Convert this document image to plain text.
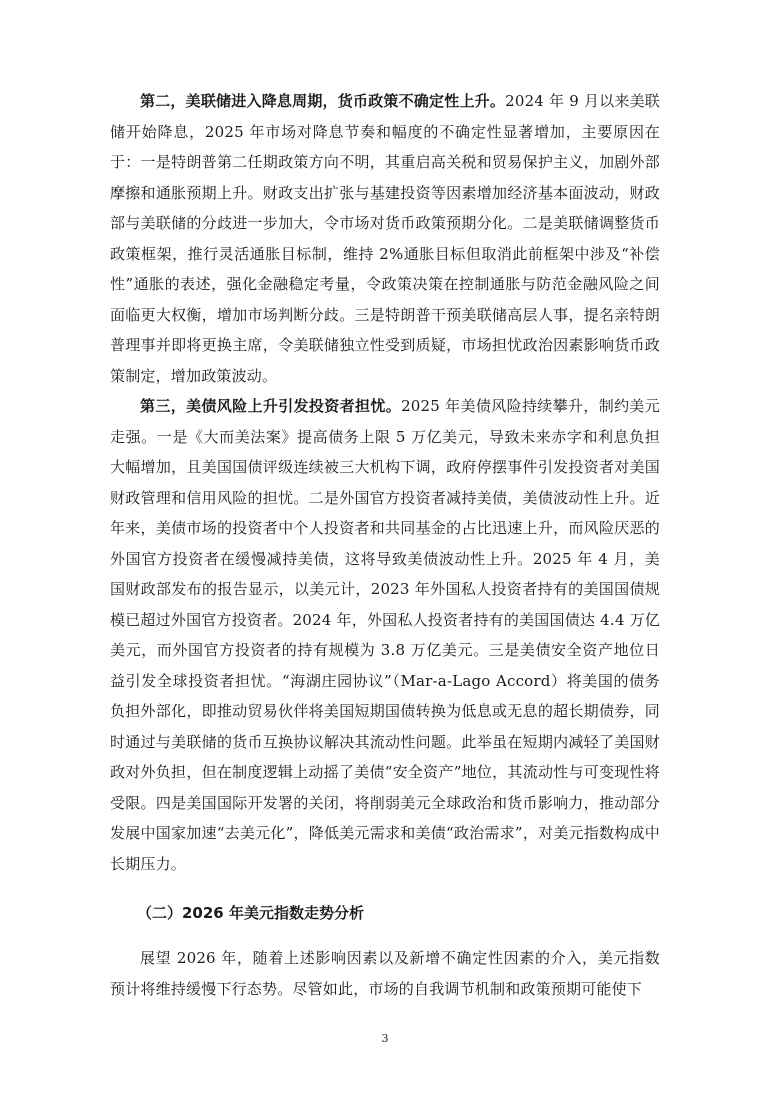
第二，美联储进入降息周期，货币政策不确定性上升。2024 年 9 月以来美联储开始降息，2025 年市场对降息节奏和幅度的不确定性显著增加，主要原因在于：一是特朗普第二任期政策方向不明，其重启高关税和贸易保护主义，加剧外部摩擦和通胀预期上升。财政支出扩张与基建投资等因素增加经济基本面波动，财政部与美联储的分歧进一步加大，令市场对货币政策预期分化。二是美联储调整货币政策框架，推行灵活通胀目标制，维持 2%通胀目标但取消此前框架中涉及“补偿性”通胀的表述，强化金融稳定考量，令政策决策在控制通胀与防范金融风险之间面临更大权衡，增加市场判断分歧。三是特朗普干预美联储高层人事，提名亲特朗普理事并即将更换主席，令美联储独立性受到质疑，市场担忧政治因素影响货币政策制定，增加政策波动。

第三，美债风险上升引发投资者担忧。2025 年美债风险持续攀升，制约美元走强。一是《大而美法案》提高债务上限 5 万亿美元，导致未来赤字和利息负担大幅增加，且美国国债评级连续被三大机构下调，政府停摆事件引发投资者对美国财政管理和信用风险的担忧。二是外国官方投资者减持美债，美债波动性上升。近年来，美债市场的投资者中个人投资者和共同基金的占比迅速上升，而风险厌恶的外国官方投资者在缓慢减持美债，这将导致美债波动性上升。2025 年 4 月，美国财政部发布的报告显示，以美元计，2023 年外国私人投资者持有的美国国债规模已超过外国官方投资者。2024 年，外国私人投资者持有的美国国债达 4.4 万亿美元，而外国官方投资者的持有规模为 3.8 万亿美元。三是美债安全资产地位日益引发全球投资者担忧。“海湖庄园协议”（Mar-a-Lago Accord）将美国的债务负担外部化，即推动贸易伙伴将美国短期国债转换为低息或无息的超长期债券，同时通过与美联储的货币互换协议解决其流动性问题。此举虽在短期内减轻了美国财政对外负担，但在制度逻辑上动摇了美债“安全资产”地位，其流动性与可变现性将受限。四是美国国际开发署的关闭，将削弱美元全球政治和货币影响力，推动部分发展中国家加速“去美元化”，降低美元需求和美债“政治需求”，对美元指数构成中长期压力。

（二）2026 年美元指数走势分析

展望 2026 年，随着上述影响因素以及新增不确定性因素的介入，美元指数预计将维持缓慢下行态势。尽管如此，市场的自我调节机制和政策预期可能使下

3
